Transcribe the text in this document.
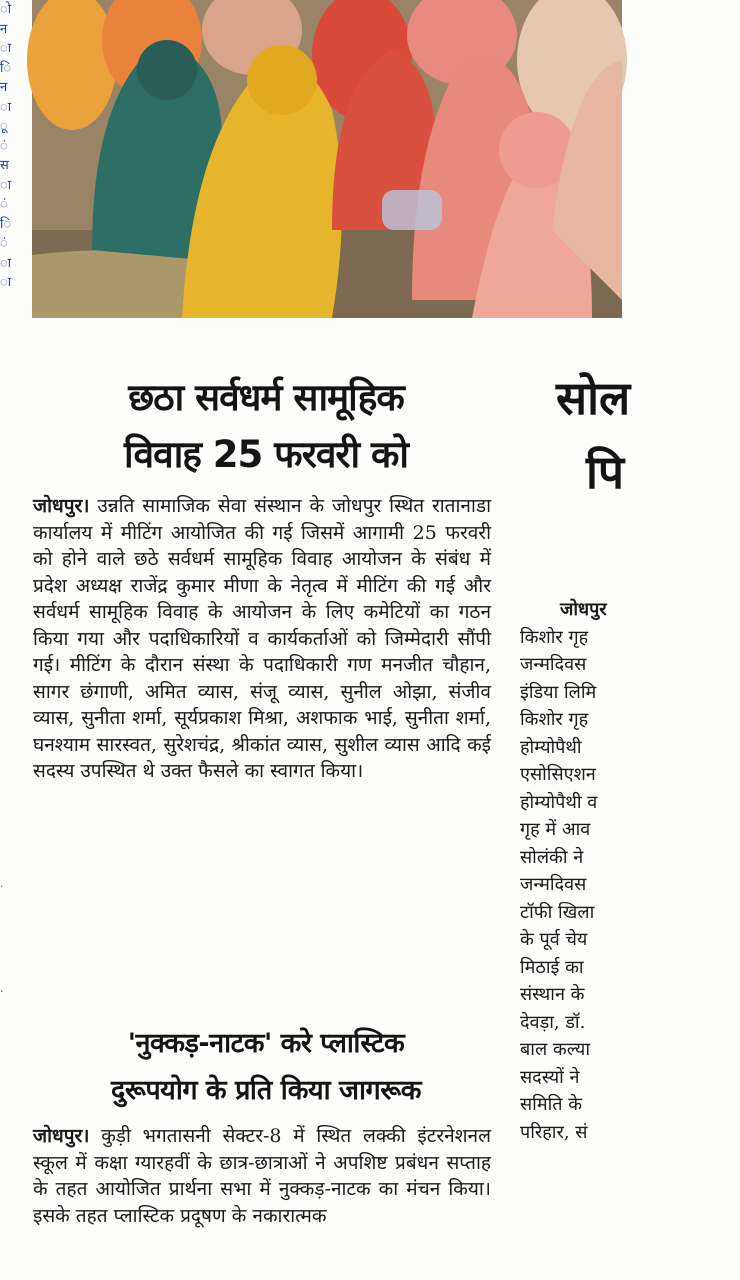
ो
न
ा
ि
न
ा
ू
ं
स
ा
ं
ि
ं
ा
ा
·
·
छठा सर्वधर्म सामूहिक
विवाह 25 फरवरी को

जोधपुर। उन्नति सामाजिक सेवा संस्थान के जोधपुर स्थित रातानाडा कार्यालय में मीटिंग आयोजित की गई जिसमें आगामी 25 फरवरी को होने वाले छठे सर्वधर्म सामूहिक विवाह आयोजन के संबंध में प्रदेश अध्यक्ष राजेंद्र कुमार मीणा के नेतृत्व में मीटिंग की गई और सर्वधर्म सामूहिक विवाह के आयोजन के लिए कमेटियों का गठन किया गया और पदाधिकारियों व कार्यकर्ताओं को जिम्मेदारी सौंपी गई। मीटिंग के दौरान संस्था के पदाधिकारी गण मनजीत चौहान, सागर छंगाणी, अमित व्यास, संजू व्यास, सुनील ओझा, संजीव व्यास, सुनीता शर्मा, सूर्यप्रकाश मिश्रा, अशफाक भाई, सुनीता शर्मा, घनश्याम सारस्वत, सुरेशचंद्र, श्रीकांत व्यास, सुशील व्यास आदि कई सदस्य उपस्थित थे उक्त फैसले का स्वागत किया।

'नुक्कड़-नाटक' करे प्लास्टिक
दुरूपयोग के प्रति किया जागरूक

जोधपुर। कुड़ी भगतासनी सेक्टर-8 में स्थित लक्की इंटरनेशनल स्कूल में कक्षा ग्यारहवीं के छात्र-छात्राओं ने अपशिष्ट प्रबंधन सप्ताह के तहत आयोजित प्रार्थना सभा में नुक्कड़-नाटक का मंचन किया। इसके तहत प्लास्टिक प्रदूषण के नकारात्मक

सोल
पि
जोधपुर
किशोर गृह
जन्मदिवस
इंडिया लिमि
किशोर गृह
होम्योपैथी
एसोसिएशन
होम्योपैथी व
गृह में आव
सोलंकी ने
जन्मदिवस
टॉफी खिला
के पूर्व चेय
मिठाई का
संस्थान के
देवड़ा, डॉ.
बाल कल्या
सदस्यों ने
समिति के
परिहार, सं
